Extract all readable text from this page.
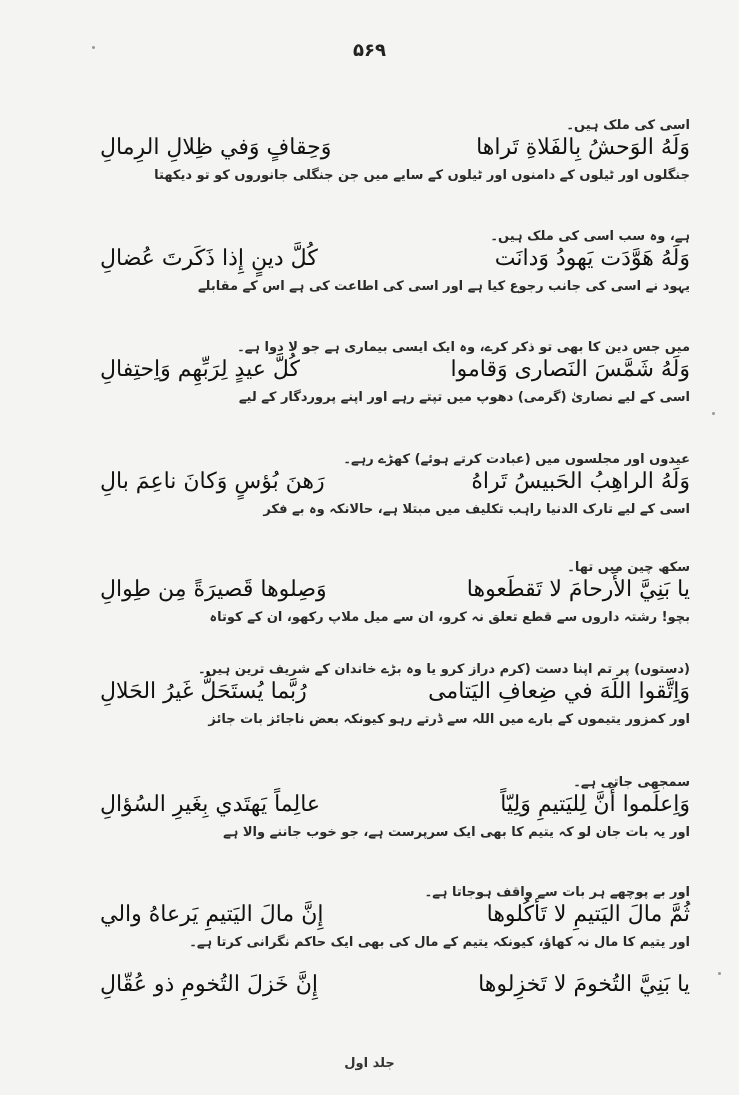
۵۶۹
اسی کی ملک ہیں۔
وَلَهُ الوَحشُ بِالفَلاةِ تَراها
وَحِقافٍ وَفي ظِلالِ الرِمالِ
جنگلوں اور ٹیلوں کے دامنوں اور ٹیلوں کے سایے میں جن جنگلی جانوروں کو تو دیکھتا
ہے، وہ سب اسی کی ملک ہیں۔
وَلَهُ هَوَّدَت يَهودُ وَدانَت
كُلَّ دينٍ إِذا ذَكَرتَ عُضالِ
یہود نے اسی کی جانب رجوع کیا ہے اور اسی کی اطاعت کی ہے اس کے مقابلے
میں جس دین کا بھی تو ذکر کرے، وہ ایک ایسی بیماری ہے جو لا دوا ہے۔
وَلَهُ شَمَّسَ النَصارى وَقاموا
كُلَّ عيدٍ لِرَبِّهِم وَاِحتِفالِ
اسی کے لیے نصاریٰ (گرمی) دھوپ میں تپتے رہے اور اپنے پروردگار کے لیے
عیدوں اور مجلسوں میں (عبادت کرتے ہوئے) کھڑے رہے۔
وَلَهُ الراهِبُ الحَبيسُ تَراهُ
رَهنَ بُؤسٍ وَكانَ ناعِمَ بالِ
اسی کے لیے تارک الدنیا راہب تکلیف میں مبتلا ہے، حالانکہ وہ بے فکر
سکھ چین میں تھا۔
يا بَنِيَّ الأَرحامَ لا تَقطَعوها
وَصِلوها قَصيرَةً مِن طِوالِ
بچو! رشتہ داروں سے قطع تعلق نہ کرو، ان سے میل ملاپ رکھو، ان کے کوتاہ
(دستوں) پر تم اپنا دست (کرم دراز کرو یا وہ بڑے خاندان کے شریف ترین ہیں۔
وَاِتَّقوا اللَهَ في ضِعافِ اليَتامى
رُبَّما يُستَحَلُّ غَيرُ الحَلالِ
اور کمزور یتیموں کے بارے میں اللہ سے ڈرتے رہو کیونکہ بعض ناجائز بات جائز
سمجھی جاتی ہے۔
وَاِعلَموا أَنَّ لِليَتيمِ وَلِيّاً
عالِماً يَهتَدي بِغَيرِ السُؤالِ
اور یہ بات جان لو کہ یتیم کا بھی ایک سرپرست ہے، جو خوب جاننے والا ہے
اور بے پوچھے ہر بات سے واقف ہوجاتا ہے۔
ثُمَّ مالَ اليَتيمِ لا تَأكُلوها
إِنَّ مالَ اليَتيمِ يَرعاهُ والي
اور یتیم کا مال نہ کھاؤ، کیونکہ یتیم کے مال کی بھی ایک حاکم نگرانی کرتا ہے۔
يا بَنِيَّ التُخومَ لا تَخزِلوها
إِنَّ خَزلَ التُخومِ ذو عُقّالِ
جلد اول
